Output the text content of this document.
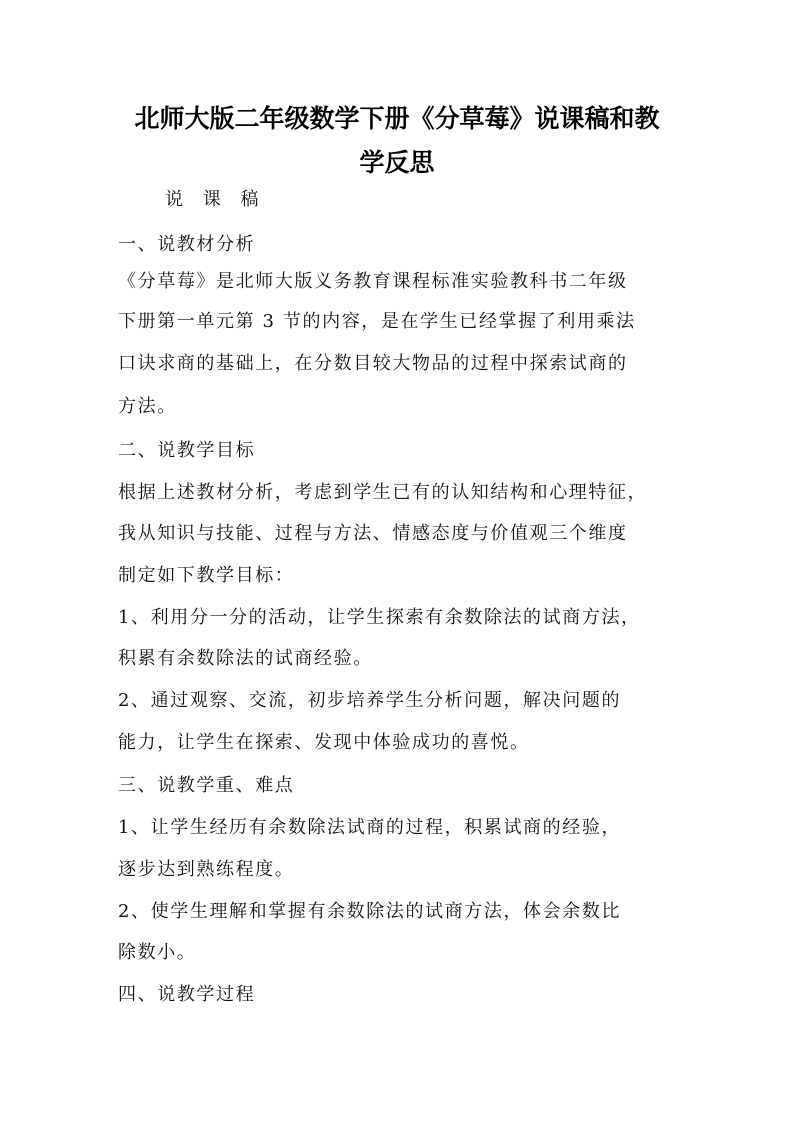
北师大版二年级数学下册《分草莓》说课稿和教
学反思

说 课 稿

一、说教材分析

《分草莓》是北师大版义务教育课程标准实验教科书二年级

下册第一单元第 3 节的内容，是在学生已经掌握了利用乘法

口诀求商的基础上，在分数目较大物品的过程中探索试商的

方法。

二、说教学目标

根据上述教材分析，考虑到学生已有的认知结构和心理特征，

我从知识与技能、过程与方法、情感态度与价值观三个维度

制定如下教学目标：

1、利用分一分的活动，让学生探索有余数除法的试商方法，

积累有余数除法的试商经验。

2、通过观察、交流，初步培养学生分析问题，解决问题的

能力，让学生在探索、发现中体验成功的喜悦。

三、说教学重、难点

1、让学生经历有余数除法试商的过程，积累试商的经验，

逐步达到熟练程度。

2、使学生理解和掌握有余数除法的试商方法，体会余数比

除数小。

四、说教学过程
